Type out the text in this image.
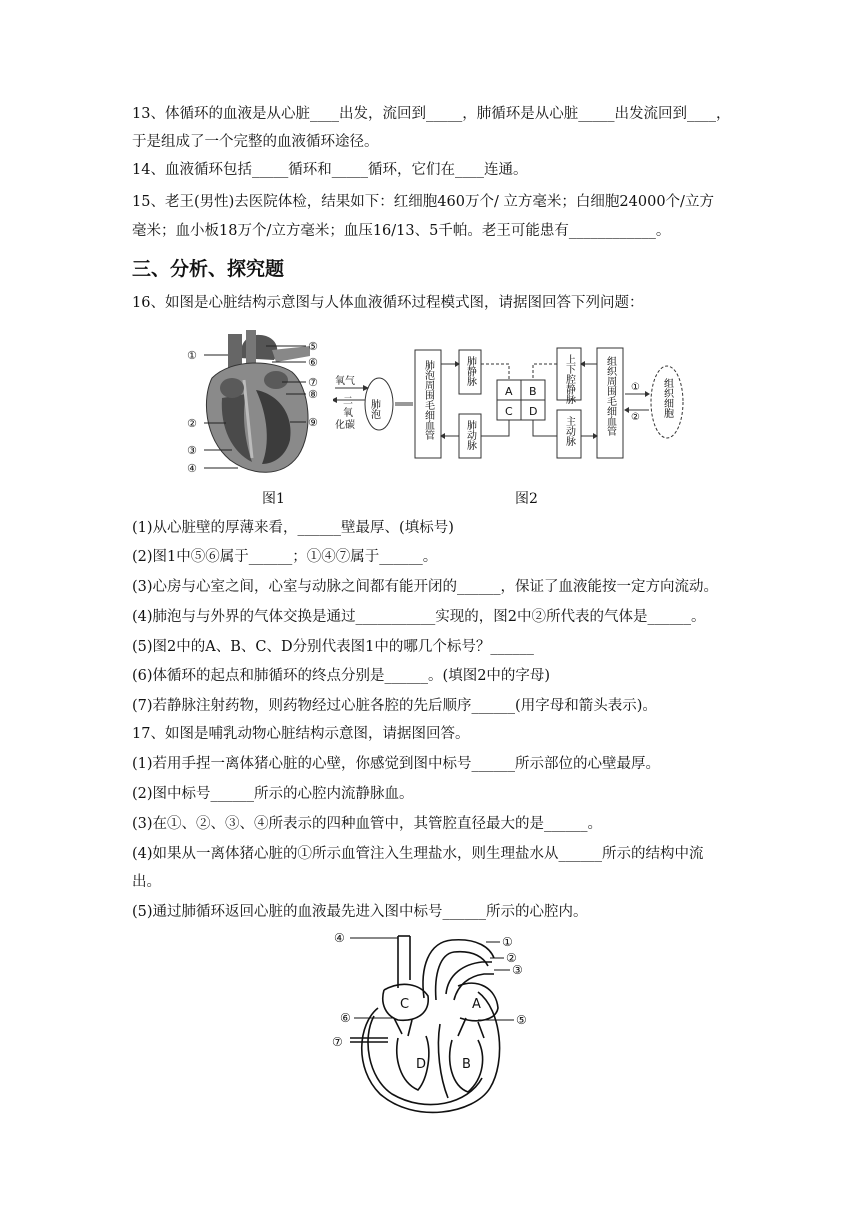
13、体循环的血液是从心脏____出发，流回到_____，肺循环是从心脏_____出发流回到____，
于是组成了一个完整的血液循环途径。
14、血液循环包括_____循环和_____循环，它们在____连通。
15、老王(男性)去医院体检，结果如下：红细胞460万个/ 立方毫米；白细胞24000个/立方
毫米；血小板18万个/立方毫米；血压16/13、5千帕。老王可能患有____________。
三、分析、探究题
16、如图是心脏结构示意图与人体血液循环过程模式图，请据图回答下列问题：
①
②
③
④
⑤
⑥
⑦
⑧
⑨
氧气
二
氧
化碳
肺泡	肺泡周围毛细血管	肺静脉
肺动脉
A B
C D
上下腔静脉
主动脉	组织周围毛细血管 ①
② 组织细胞
图1	图2
(1)从心脏壁的厚薄来看，______壁最厚、(填标号)
(2)图1中⑤⑥属于______；①④⑦属于______。
(3)心房与心室之间，心室与动脉之间都有能开闭的______，保证了血液能按一定方向流动。
(4)肺泡与与外界的气体交换是通过___________实现的，图2中②所代表的气体是______。
(5)图2中的A、B、C、D分别代表图1中的哪几个标号？______
(6)体循环的起点和肺循环的终点分别是______。(填图2中的字母)
(7)若静脉注射药物，则药物经过心脏各腔的先后顺序______(用字母和箭头表示)。
17、如图是哺乳动物心脏结构示意图，请据图回答。
(1)若用手捏一离体猪心脏的心壁，你感觉到图中标号______所示部位的心壁最厚。
(2)图中标号______所示的心腔内流静脉血。
(3)在①、②、③、④所表示的四种血管中，其管腔直径最大的是______。
(4)如果从一离体猪心脏的①所示血管注入生理盐水，则生理盐水从______所示的结构中流
出。
(5)通过肺循环返回心脏的血液最先进入图中标号______所示的心腔内。
④	①
②
③
⑤
⑥
⑦
A
B
C
D
